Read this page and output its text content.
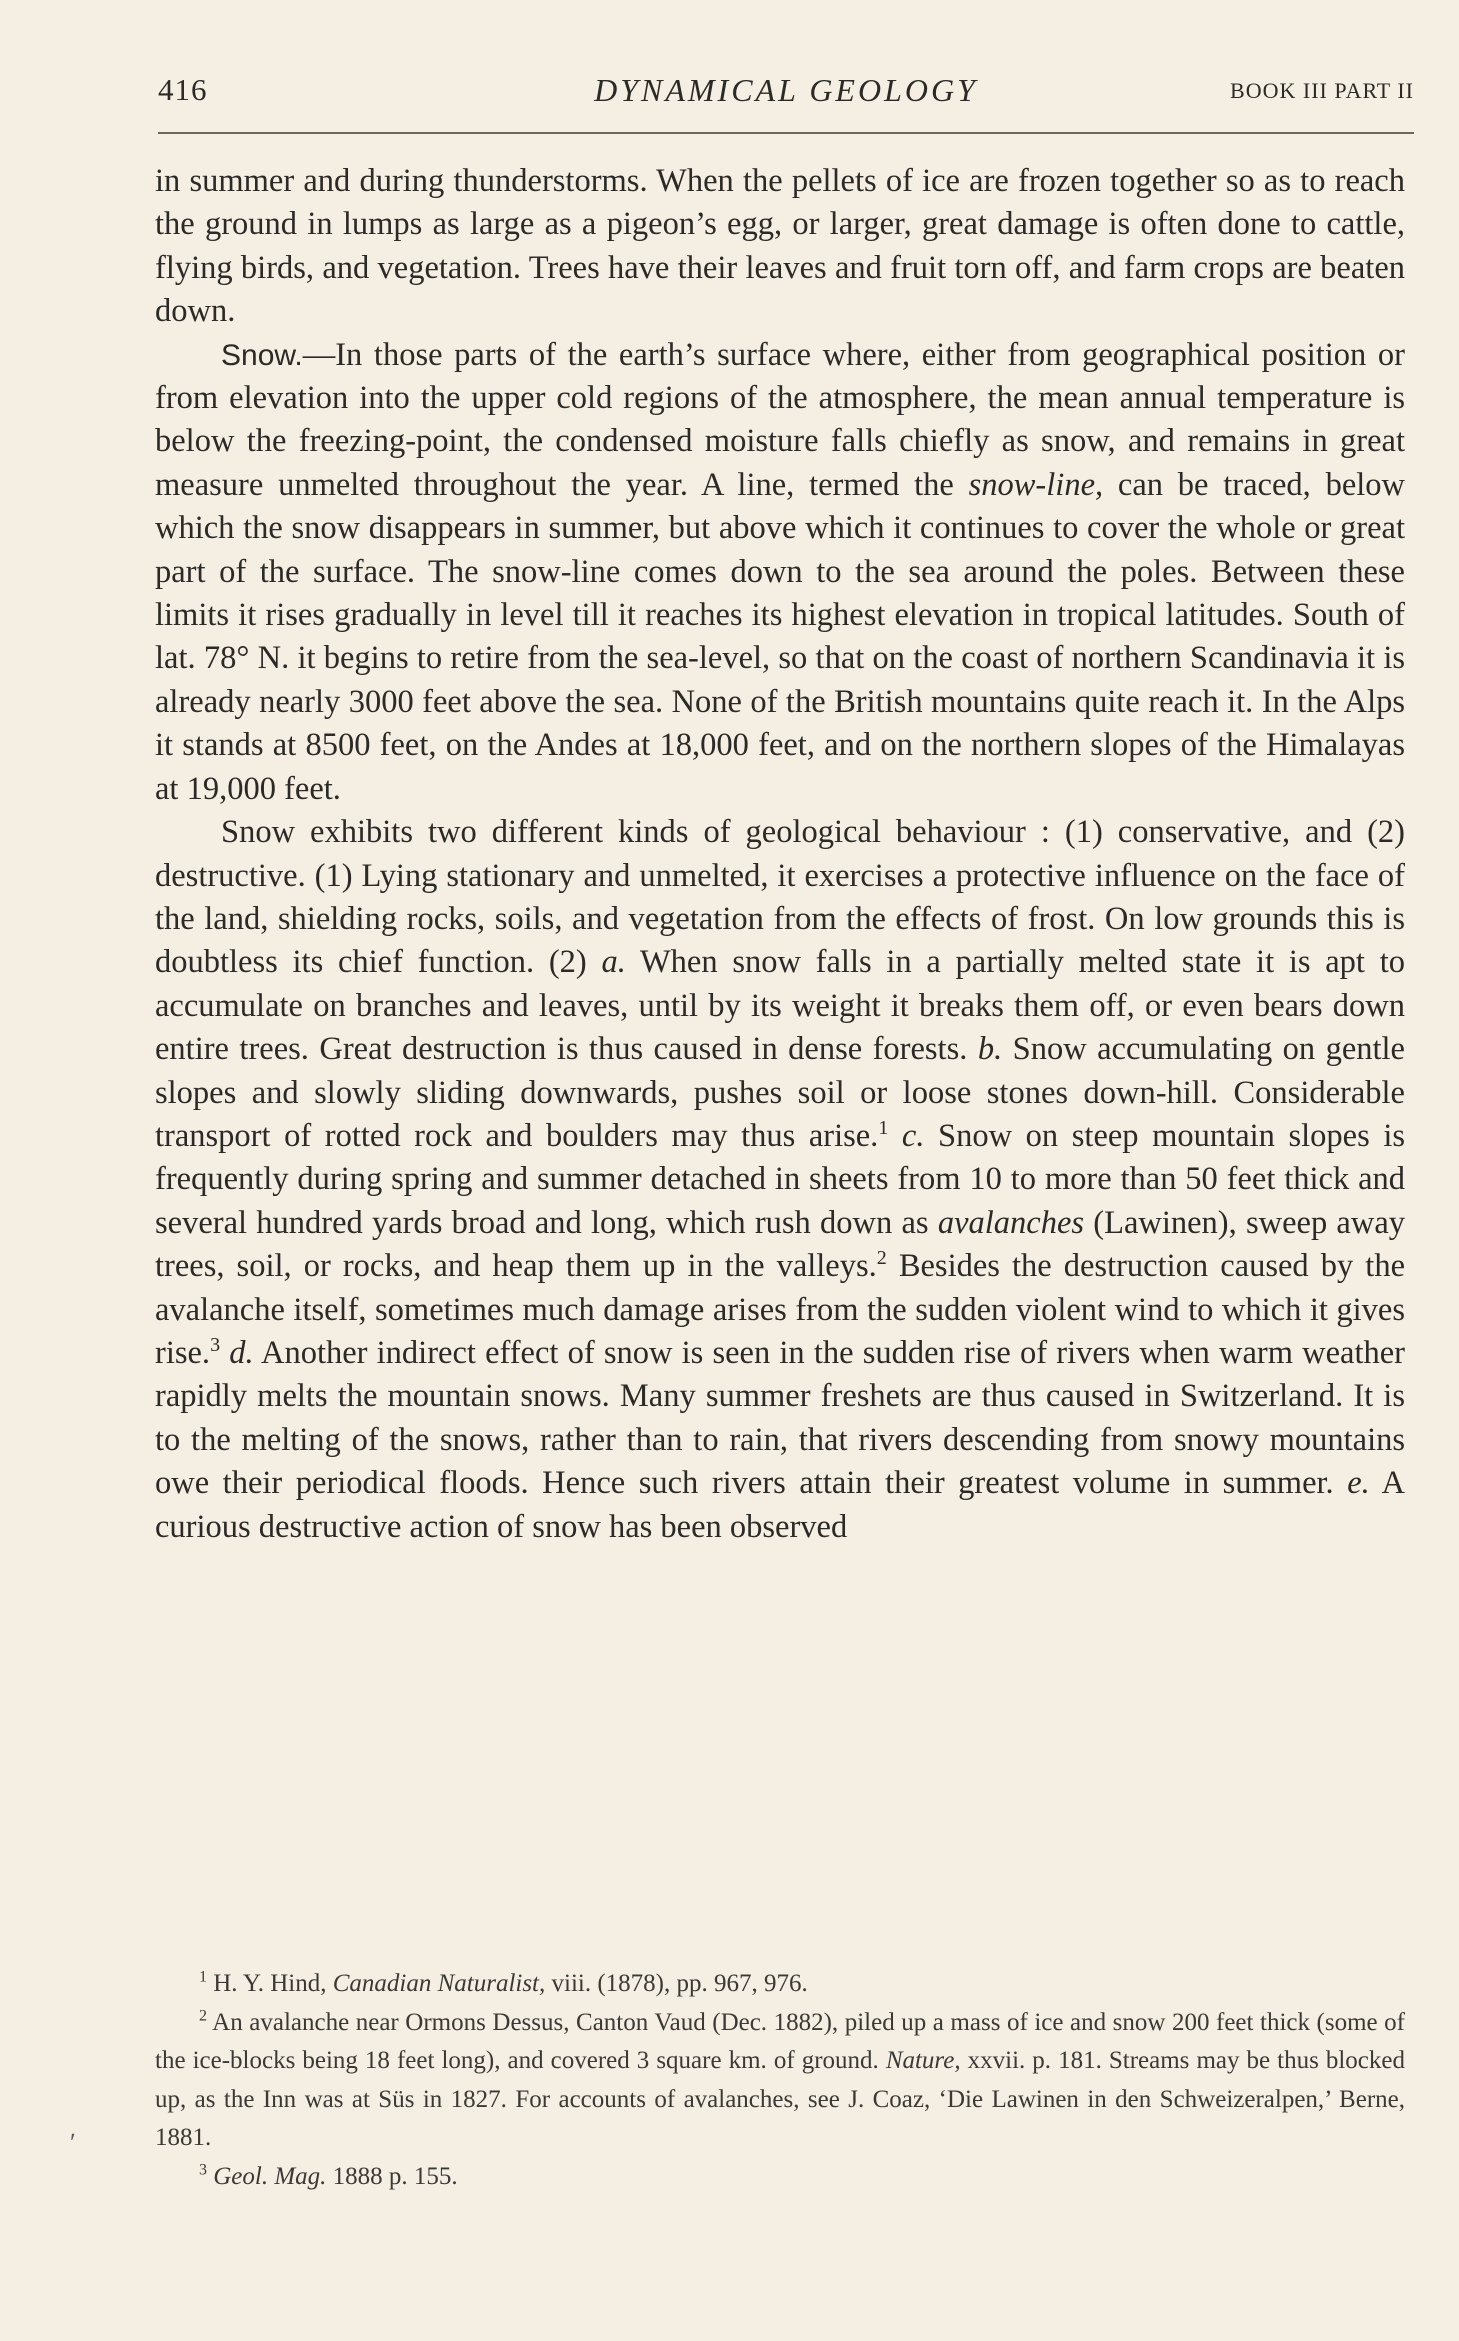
416	DYNAMICAL GEOLOGY	BOOK III PART II

in summer and during thunderstorms. When the pellets of ice are frozen together so as to reach the ground in lumps as large as a pigeon’s egg, or larger, great damage is often done to cattle, flying birds, and vegetation. Trees have their leaves and fruit torn off, and farm crops are beaten down.

Snow.—In those parts of the earth’s surface where, either from geographical position or from elevation into the upper cold regions of the atmosphere, the mean annual temperature is below the freezing-point, the condensed moisture falls chiefly as snow, and remains in great measure unmelted throughout the year. A line, termed the snow-line, can be traced, below which the snow disappears in summer, but above which it continues to cover the whole or great part of the surface. The snow-line comes down to the sea around the poles. Between these limits it rises gradually in level till it reaches its highest elevation in tropical latitudes. South of lat. 78° N. it begins to retire from the sea-level, so that on the coast of northern Scandinavia it is already nearly 3000 feet above the sea. None of the British mountains quite reach it. In the Alps it stands at 8500 feet, on the Andes at 18,000 feet, and on the northern slopes of the Himalayas at 19,000 feet.

Snow exhibits two different kinds of geological behaviour : (1) conservative, and (2) destructive. (1) Lying stationary and unmelted, it exercises a protective influence on the face of the land, shielding rocks, soils, and vegetation from the effects of frost. On low grounds this is doubtless its chief function. (2) a. When snow falls in a partially melted state it is apt to accumulate on branches and leaves, until by its weight it breaks them off, or even bears down entire trees. Great destruction is thus caused in dense forests. b. Snow accumulating on gentle slopes and slowly sliding downwards, pushes soil or loose stones down-hill. Considerable transport of rotted rock and boulders may thus arise.$^1$ c. Snow on steep mountain slopes is frequently during spring and summer detached in sheets from 10 to more than 50 feet thick and several hundred yards broad and long, which rush down as avalanches (Lawinen), sweep away trees, soil, or rocks, and heap them up in the valleys.$^2$ Besides the destruction caused by the avalanche itself, sometimes much damage arises from the sudden violent wind to which it gives rise.$^3$ d. Another indirect effect of snow is seen in the sudden rise of rivers when warm weather rapidly melts the mountain snows. Many summer freshets are thus caused in Switzerland. It is to the melting of the snows, rather than to rain, that rivers descending from snowy mountains owe their periodical floods. Hence such rivers attain their greatest volume in summer. e. A curious destructive action of snow has been observed

$^1$ H. Y. Hind, Canadian Naturalist, viii. (1878), pp. 967, 976.

$^2$ An avalanche near Ormons Dessus, Canton Vaud (Dec. 1882), piled up a mass of ice and snow 200 feet thick (some of the ice-blocks being 18 feet long), and covered 3 square km. of ground. Nature, xxvii. p. 181. Streams may be thus blocked up, as the Inn was at Süs in 1827. For accounts of avalanches, see J. Coaz, ‘Die Lawinen in den Schweizeralpen,’ Berne, 1881.

$^3$ Geol. Mag. 1888 p. 155.

ʹ
